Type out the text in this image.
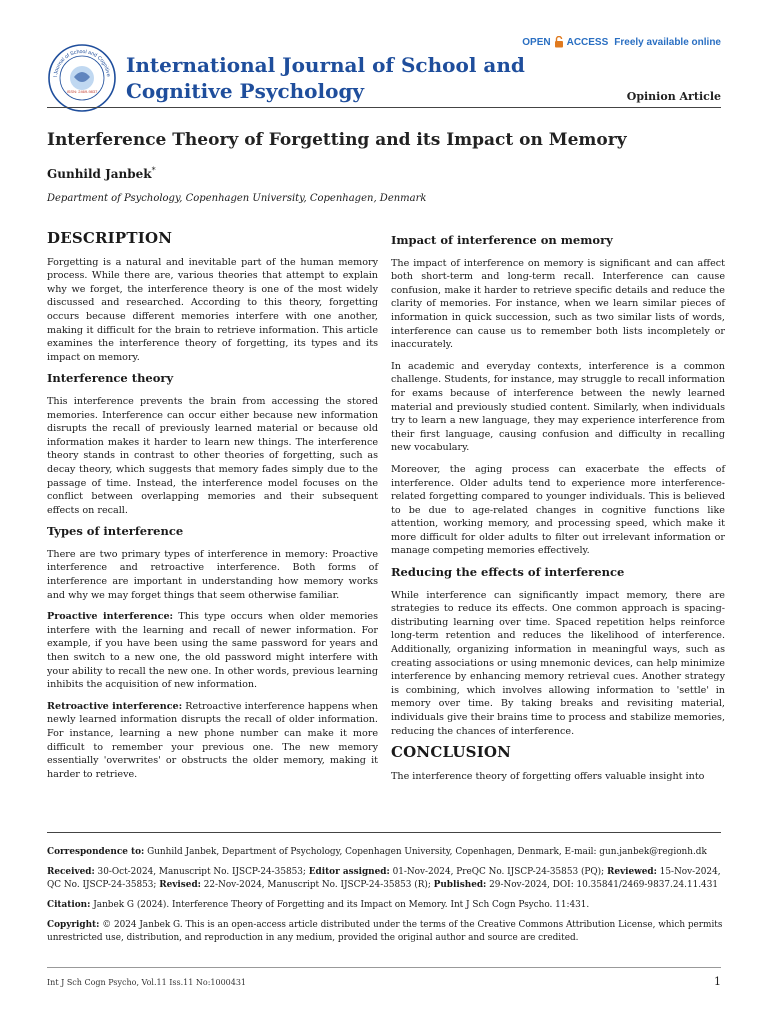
l Journal of School and Cognitive
ISSN: 2469-9837
International Journal of School and
Cognitive Psychology
OPEN ACCESS Freely available online
Opinion Article
Interference Theory of Forgetting and its Impact on Memory
Gunhild Janbek*
Department of Psychology, Copenhagen University, Copenhagen, Denmark
DESCRIPTION

Forgetting is a natural and inevitable part of the human memory process. While there are, various theories that attempt to explain why we forget, the interference theory is one of the most widely discussed and researched. According to this theory, forgetting occurs because different memories interfere with one another, making it difficult for the brain to retrieve information. This article examines the interference theory of forgetting, its types and its impact on memory.

Interference theory

This interference prevents the brain from accessing the stored memories. Interference can occur either because new information disrupts the recall of previously learned material or because old information makes it harder to learn new things. The interference theory stands in contrast to other theories of forgetting, such as decay theory, which suggests that memory fades simply due to the passage of time. Instead, the interference model focuses on the conflict between overlapping memories and their subsequent effects on recall.

Types of interference

There are two primary types of interference in memory: Proactive interference and retroactive interference. Both forms of interference are important in understanding how memory works and why we may forget things that seem otherwise familiar.

Proactive interference: This type occurs when older memories interfere with the learning and recall of newer information. For example, if you have been using the same password for years and then switch to a new one, the old password might interfere with your ability to recall the new one. In other words, previous learning inhibits the acquisition of new information.

Retroactive interference: Retroactive interference happens when newly learned information disrupts the recall of older information. For instance, learning a new phone number can make it more difficult to remember your previous one. The new memory essentially 'overwrites' or obstructs the older memory, making it harder to retrieve.

Impact of interference on memory

The impact of interference on memory is significant and can affect both short-term and long-term recall. Interference can cause confusion, make it harder to retrieve specific details and reduce the clarity of memories. For instance, when we learn similar pieces of information in quick succession, such as two similar lists of words, interference can cause us to remember both lists incompletely or inaccurately.

In academic and everyday contexts, interference is a common challenge. Students, for instance, may struggle to recall information for exams because of interference between the newly learned material and previously studied content. Similarly, when individuals try to learn a new language, they may experience interference from their first language, causing confusion and difficulty in recalling new vocabulary.

Moreover, the aging process can exacerbate the effects of interference. Older adults tend to experience more interference-related forgetting compared to younger individuals. This is believed to be due to age-related changes in cognitive functions like attention, working memory, and processing speed, which make it more difficult for older adults to filter out irrelevant information or manage competing memories effectively.

Reducing the effects of interference

While interference can significantly impact memory, there are strategies to reduce its effects. One common approach is spacing-distributing learning over time. Spaced repetition helps reinforce long-term retention and reduces the likelihood of interference. Additionally, organizing information in meaningful ways, such as creating associations or using mnemonic devices, can help minimize interference by enhancing memory retrieval cues. Another strategy is combining, which involves allowing information to 'settle' in memory over time. By taking breaks and revisiting material, individuals give their brains time to process and stabilize memories, reducing the chances of interference.

CONCLUSION

The interference theory of forgetting offers valuable insight into

Correspondence to: Gunhild Janbek, Department of Psychology, Copenhagen University, Copenhagen, Denmark, E-mail: gun.janbek@regionh.dk

Received: 30-Oct-2024, Manuscript No. IJSCP-24-35853; Editor assigned: 01-Nov-2024, PreQC No. IJSCP-24-35853 (PQ); Reviewed: 15-Nov-2024, QC No. IJSCP-24-35853; Revised: 22-Nov-2024, Manuscript No. IJSCP-24-35853 (R); Published: 29-Nov-2024, DOI: 10.35841/2469-9837.24.11.431

Citation: Janbek G (2024). Interference Theory of Forgetting and its Impact on Memory. Int J Sch Cogn Psycho. 11:431.

Copyright: © 2024 Janbek G. This is an open-access article distributed under the terms of the Creative Commons Attribution License, which permits unrestricted use, distribution, and reproduction in any medium, provided the original author and source are credited.

Int J Sch Cogn Psycho, Vol.11 Iss.11 No:1000431	1
